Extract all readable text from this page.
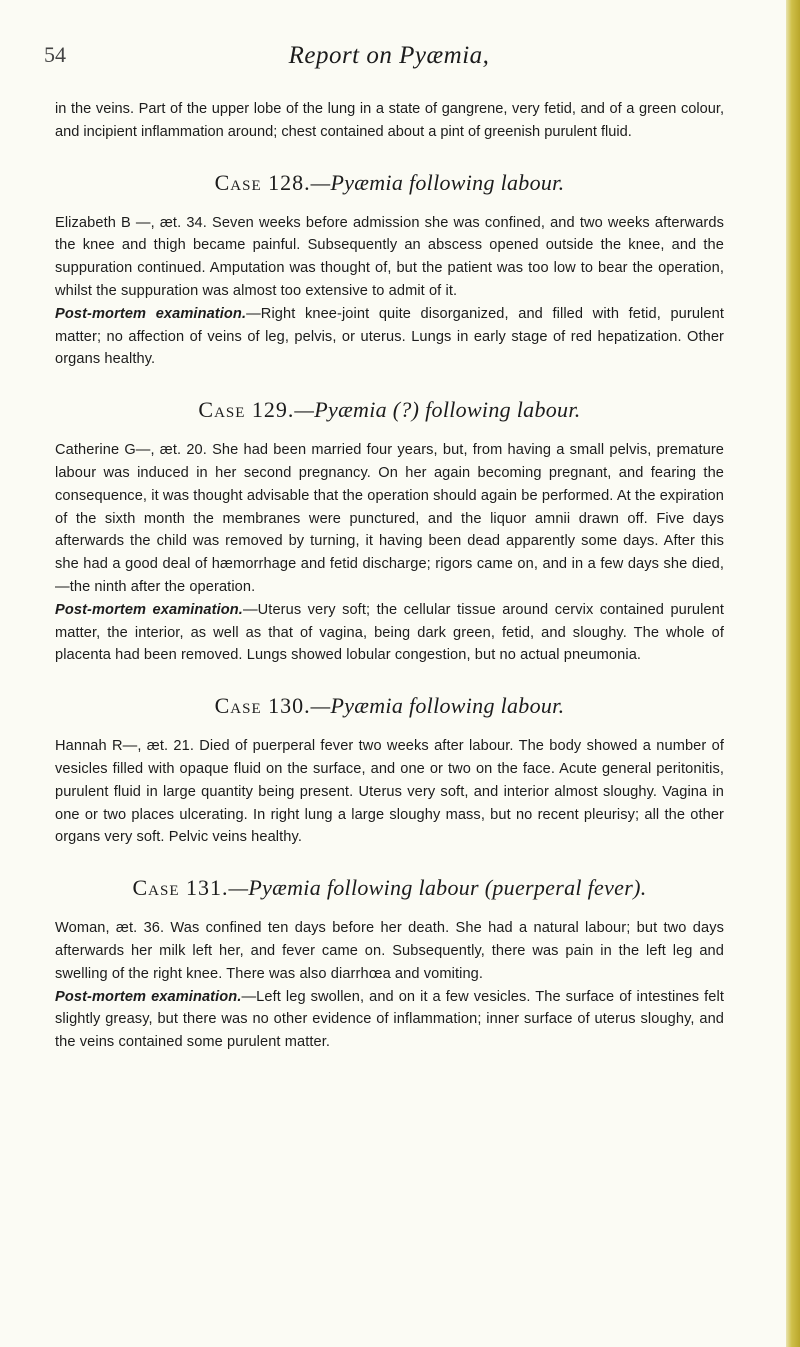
54	Report on Pyæmia,

in the veins. Part of the upper lobe of the lung in a state of gangrene, very fetid, and of a green colour, and incipient inflammation around; chest contained about a pint of greenish purulent fluid.

Case 128.—Pyæmia following labour.

Elizabeth B —, æt. 34. Seven weeks before admission she was confined, and two weeks afterwards the knee and thigh became painful. Subsequently an abscess opened outside the knee, and the suppuration continued. Amputation was thought of, but the patient was too low to bear the operation, whilst the suppuration was almost too extensive to admit of it.

Post-mortem examination.—Right knee-joint quite disorganized, and filled with fetid, purulent matter; no affection of veins of leg, pelvis, or uterus. Lungs in early stage of red hepatization. Other organs healthy.

Case 129.—Pyæmia (?) following labour.

Catherine G—, æt. 20. She had been married four years, but, from having a small pelvis, premature labour was induced in her second pregnancy. On her again becoming pregnant, and fearing the consequence, it was thought advisable that the operation should again be performed. At the expiration of the sixth month the membranes were punctured, and the liquor amnii drawn off. Five days afterwards the child was removed by turning, it having been dead apparently some days. After this she had a good deal of hæmorrhage and fetid discharge; rigors came on, and in a few days she died,—the ninth after the operation.

Post-mortem examination.—Uterus very soft; the cellular tissue around cervix contained purulent matter, the interior, as well as that of vagina, being dark green, fetid, and sloughy. The whole of placenta had been removed. Lungs showed lobular congestion, but no actual pneumonia.

Case 130.—Pyæmia following labour.

Hannah R—, æt. 21. Died of puerperal fever two weeks after labour. The body showed a number of vesicles filled with opaque fluid on the surface, and one or two on the face. Acute general peritonitis, purulent fluid in large quantity being present. Uterus very soft, and interior almost sloughy. Vagina in one or two places ulcerating. In right lung a large sloughy mass, but no recent pleurisy; all the other organs very soft. Pelvic veins healthy.

Case 131.—Pyæmia following labour (puerperal fever).

Woman, æt. 36. Was confined ten days before her death. She had a natural labour; but two days afterwards her milk left her, and fever came on. Subsequently, there was pain in the left leg and swelling of the right knee. There was also diarrhœa and vomiting.

Post-mortem examination.—Left leg swollen, and on it a few vesicles. The surface of intestines felt slightly greasy, but there was no other evidence of inflammation; inner surface of uterus sloughy, and the veins contained some purulent matter.
